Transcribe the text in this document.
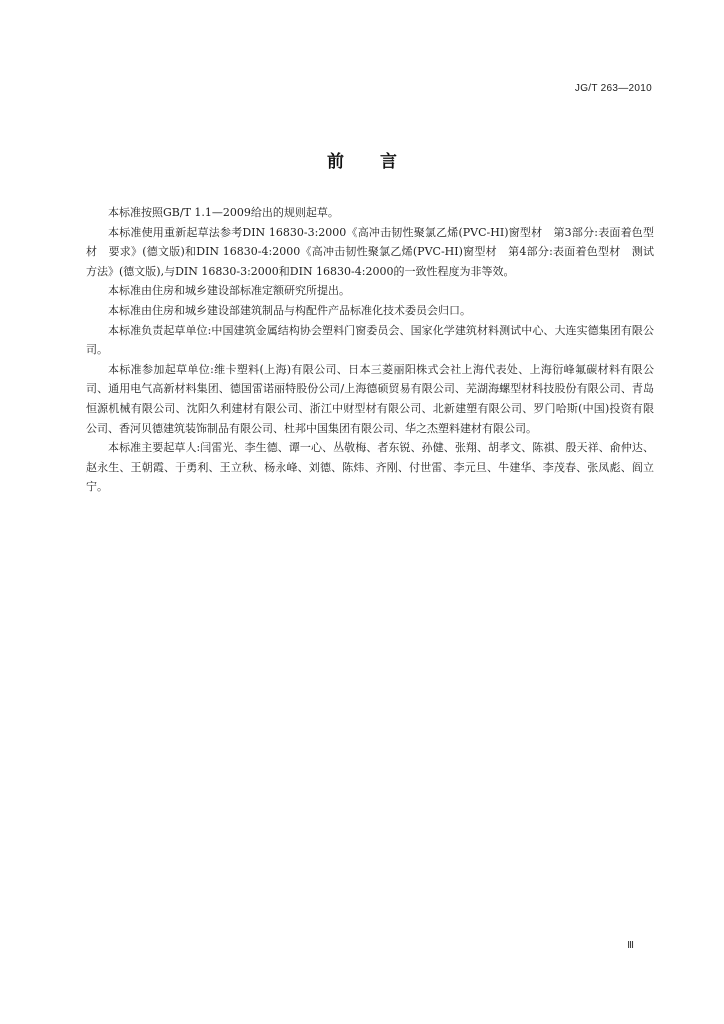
JG/T 263—2010
前言

本标准按照GB/T 1.1—2009给出的规则起草。

本标准使用重新起草法参考DIN 16830-3:2000《高冲击韧性聚氯乙烯(PVC-HI)窗型材　第3部分:表面着色型材　要求》(德文版)和DIN 16830-4:2000《高冲击韧性聚氯乙烯(PVC-HI)窗型材　第4部分:表面着色型材　测试方法》(德文版),与DIN 16830-3:2000和DIN 16830-4:2000的一致性程度为非等效。

本标准由住房和城乡建设部标准定额研究所提出。

本标准由住房和城乡建设部建筑制品与构配件产品标准化技术委员会归口。

本标准负责起草单位:中国建筑金属结构协会塑料门窗委员会、国家化学建筑材料测试中心、大连实德集团有限公司。

本标准参加起草单位:维卡塑料(上海)有限公司、日本三菱丽阳株式会社上海代表处、上海衍峰氟碳材料有限公司、通用电气高新材料集团、德国雷诺丽特股份公司/上海德硕贸易有限公司、芜湖海螺型材科技股份有限公司、青岛恒源机械有限公司、沈阳久利建材有限公司、浙江中财型材有限公司、北新建塑有限公司、罗门哈斯(中国)投资有限公司、香河贝德建筑装饰制品有限公司、杜邦中国集团有限公司、华之杰塑料建材有限公司。

本标准主要起草人:闫雷光、李生德、谭一心、丛敬梅、者东锐、孙健、张翔、胡孝文、陈祺、殷天祥、俞仲达、赵永生、王朝霞、于勇利、王立秋、杨永峰、刘德、陈炜、齐刚、付世雷、李元旦、牛建华、李茂春、张凤彪、阎立宁。

Ⅲ
